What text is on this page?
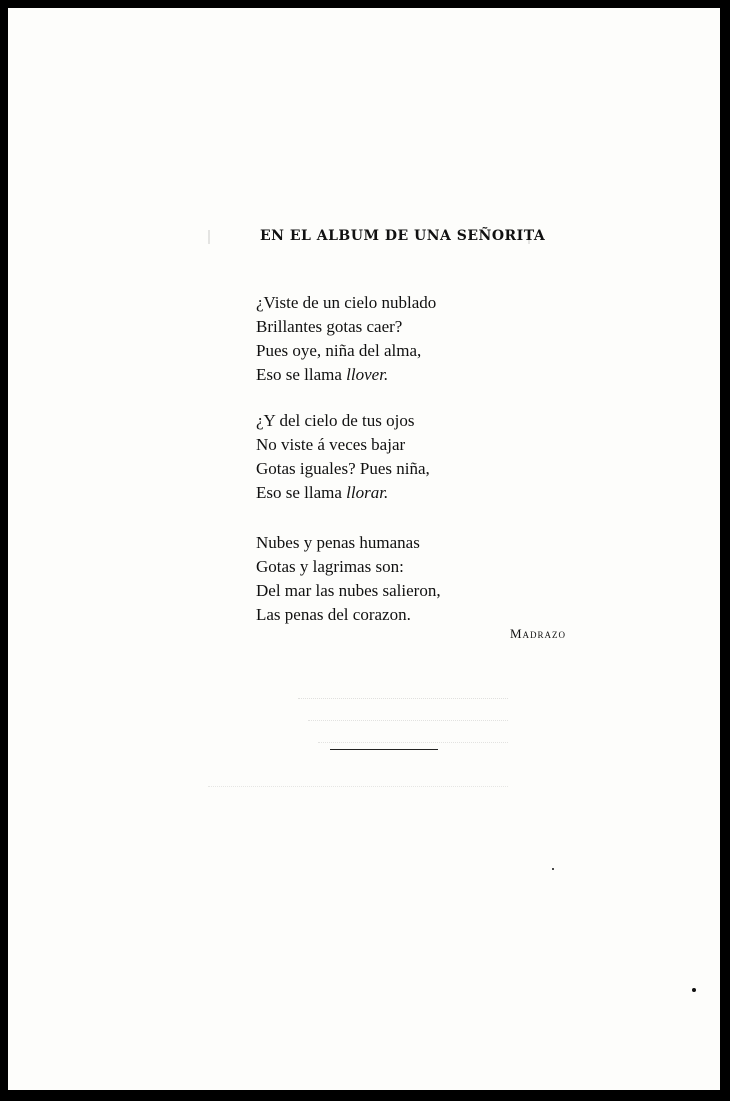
EN EL ALBUM DE UNA SEÑORITA
¿Viste de un cielo nublado
Brillantes gotas caer?
Pues oye, niña del alma,
Eso se llama llover.
¿Y del cielo de tus ojos
No viste á veces bajar
Gotas iguales? Pues niña,
Eso se llama llorar.
Nubes y penas humanas
Gotas y lagrimas son:
Del mar las nubes salieron,
Las penas del corazon.
Madrazo
